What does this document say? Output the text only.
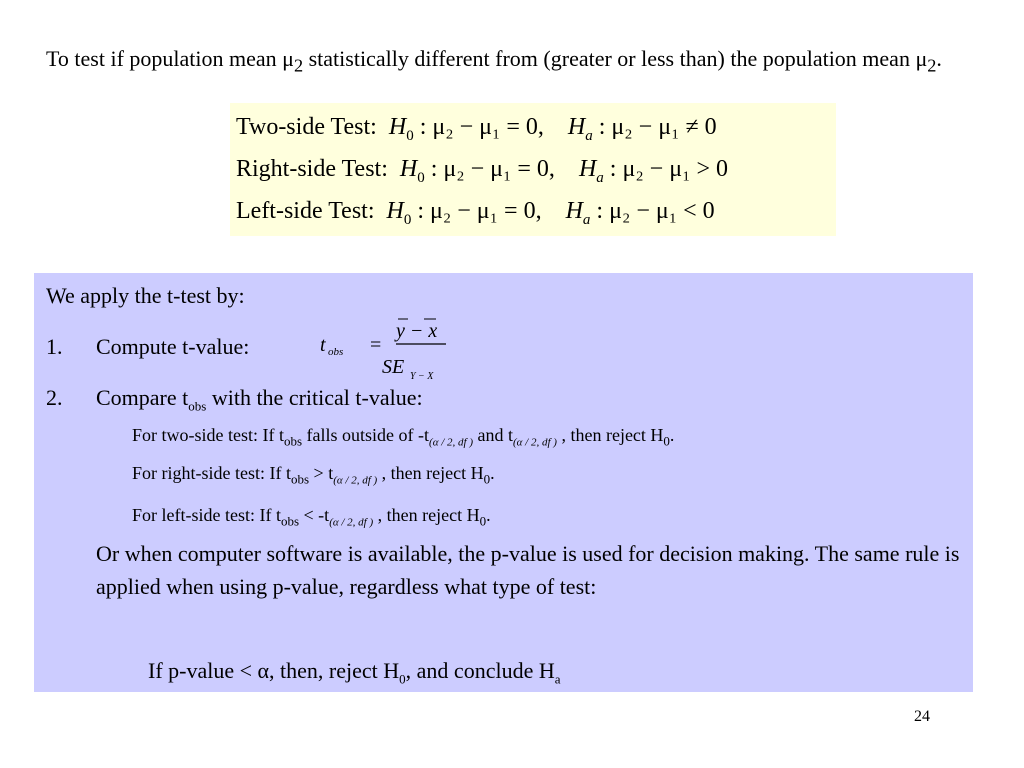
To test if population mean $\mu_2$ statistically different from (greater or less than) the population mean $\mu_2$.
Two-side Test: $H_0$ : μ₂ − μ₁ = 0, $H_a$ : μ₂ − μ₁ ≠ 0
Right-side Test: $H_0$ : μ₂ − μ₁ = 0, $H_a$ : μ₂ − μ₁ > 0
Left-side Test: $H_0$ : μ₂ − μ₁ = 0, $H_a$ : μ₂ − μ₁ < 0
We apply the t-test by:
1. Compute t-value:	t obs =
y − x
SE Y − X
2. Compare $t_{obs}$ with the critical t-value:
For two-side test: If $t_{obs}$ falls outside of $-t_{(\alpha / 2, df )}$ and $t_{(\alpha / 2, df )}$ , then reject $H_0$.
For right-side test: If $t_{obs} > t_{(\alpha / 2, df )}$ , then reject $H_0$.
For left-side test: If $t_{obs} < -t_{(\alpha / 2, df )}$ , then reject $H_0$.
Or when computer software is available, the p-value is used for decision making. The same rule is applied when using p-value, regardless what type of test:
If p-value < α, then, reject $H_0$, and conclude $H_a$
24
